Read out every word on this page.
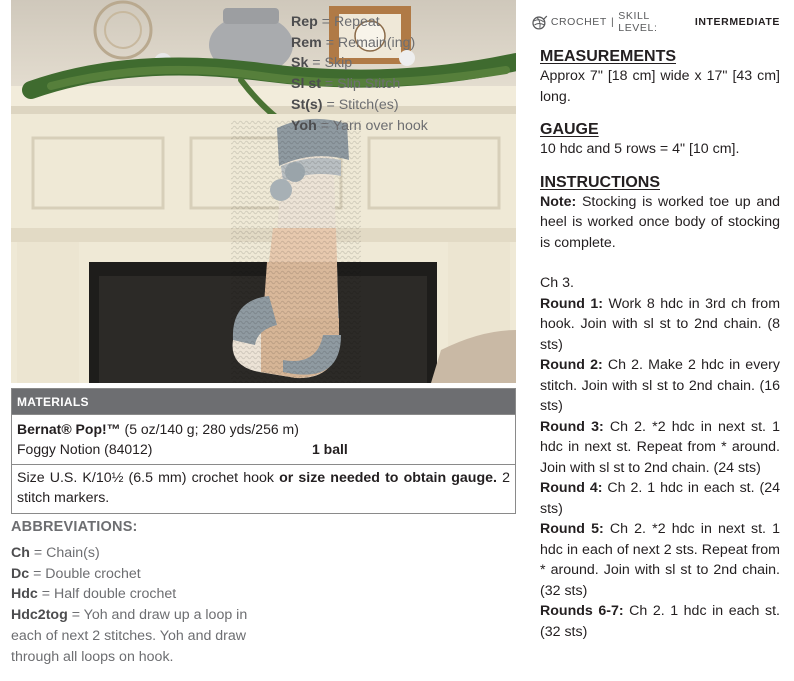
MATERIALS
Bernat® Pop!™ (5 oz/140 g; 280 yds/256 m)
Foggy Notion (84012)	1 ball
Size U.S. K/10½ (6.5 mm) crochet hook or size needed to obtain gauge. 2 stitch markers.
ABBREVIATIONS:
Ch = Chain(s)
Dc = Double crochet
Hdc = Half double crochet
Hdc2tog = Yoh and draw up a loop in each of next 2 stitches. Yoh and draw through all loops on hook.
Rep = Repeat
Rem = Remain(ing)
Sk = Skip
Sl st = Slip Stitch
St(s) = Stitch(es)
Yoh = Yarn over hook
CROCHET | SKILL LEVEL:
	INTERMEDIATE
MEASUREMENTS
Approx 7" [18 cm] wide x 17" [43 cm] long.
GAUGE
10 hdc and 5 rows = 4" [10 cm].
INSTRUCTIONS
Note: Stocking is worked toe up and heel is worked once body of stocking is complete.
Ch 3.
Round 1: Work 8 hdc in 3rd ch from hook. Join with sl st to 2nd chain. (8 sts)
Round 2: Ch 2. Make 2 hdc in every stitch. Join with sl st to 2nd chain. (16 sts)
Round 3: Ch 2. *2 hdc in next st. 1 hdc in next st. Repeat from * around. Join with sl st to 2nd chain. (24 sts)
Round 4: Ch 2. 1 hdc in each st. (24 sts)
Round 5: Ch 2. *2 hdc in next st. 1 hdc in each of next 2 sts. Repeat from * around. Join with sl st to 2nd chain. (32 sts)
Rounds 6-7: Ch 2. 1 hdc in each st. (32 sts)
